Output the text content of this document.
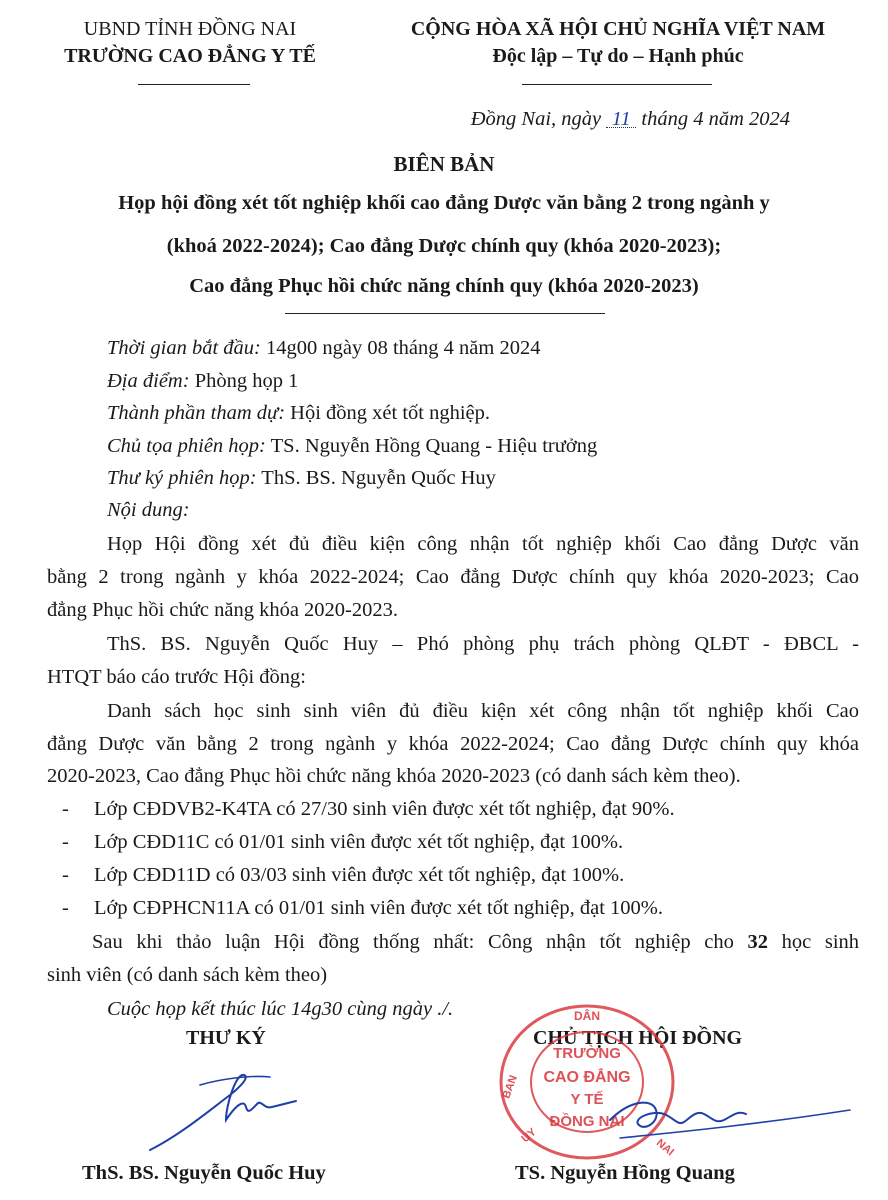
UBND TỈNH ĐỒNG NAI
TRƯỜNG CAO ĐẲNG Y TẾ
CỘNG HÒA XÃ HỘI CHỦ NGHĨA VIỆT NAM
Độc lập – Tự do – Hạnh phúc
Đồng Nai, ngày 11 tháng 4 năm 2024
BIÊN BẢN
Họp hội đồng xét tốt nghiệp khối cao đẳng Dược văn bằng 2 trong ngành y
(khoá 2022-2024); Cao đẳng Dược chính quy (khóa 2020-2023);
Cao đẳng Phục hồi chức năng chính quy (khóa 2020-2023)
Thời gian bắt đầu: 14g00 ngày 08 tháng 4 năm 2024
Địa điểm: Phòng họp 1
Thành phần tham dự: Hội đồng xét tốt nghiệp.
Chủ tọa phiên họp: TS. Nguyễn Hồng Quang - Hiệu trưởng
Thư ký phiên họp: ThS. BS. Nguyễn Quốc Huy
Nội dung:
Họp Hội đồng xét đủ điều kiện công nhận tốt nghiệp khối Cao đẳng Dược văn
bằng 2 trong ngành y khóa 2022-2024; Cao đẳng Dược chính quy khóa 2020-2023; Cao
đẳng Phục hồi chức năng khóa 2020-2023.
ThS. BS. Nguyễn Quốc Huy – Phó phòng phụ trách phòng QLĐT - ĐBCL -
HTQT báo cáo trước Hội đồng:
Danh sách học sinh sinh viên đủ điều kiện xét công nhận tốt nghiệp khối Cao
đẳng Dược văn bằng 2 trong ngành y khóa 2022-2024; Cao đẳng Dược chính quy khóa
2020-2023, Cao đẳng Phục hồi chức năng khóa 2020-2023 (có danh sách kèm theo).
- Lớp CĐDVB2-K4TA có 27/30 sinh viên được xét tốt nghiệp, đạt 90%.
- Lớp CĐD11C có 01/01 sinh viên được xét tốt nghiệp, đạt 100%.
- Lớp CĐD11D có 03/03 sinh viên được xét tốt nghiệp, đạt 100%.
- Lớp CĐPHCN11A có 01/01 sinh viên được xét tốt nghiệp, đạt 100%.
Sau khi thảo luận Hội đồng thống nhất: Công nhận tốt nghiệp cho 32 học sinh
sinh viên (có danh sách kèm theo)
Cuộc họp kết thúc lúc 14g30 cùng ngày ./.
THƯ KÝ	CHỦ TỊCH HỘI ĐỒNG
DÂN
BAN
NAI
UY
TRƯỜNG
CAO ĐẲNG
Y TẾ
ĐỒNG NAI
ThS. BS. Nguyễn Quốc Huy	TS. Nguyễn Hồng Quang
